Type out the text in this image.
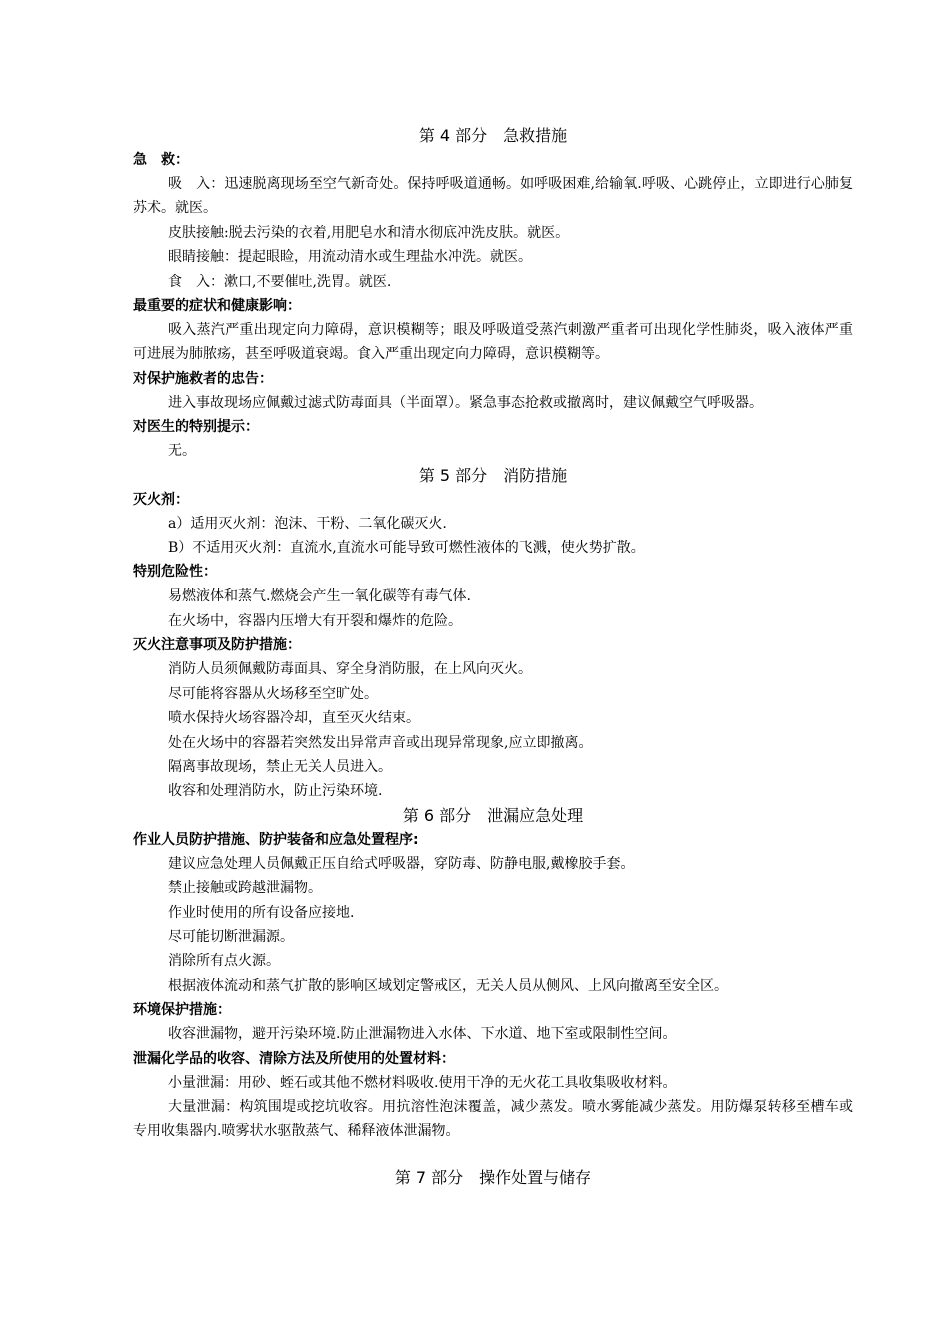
第 4 部分　急救措施
急　救：

吸　入：迅速脱离现场至空气新奇处。保持呼吸道通畅。如呼吸困难,给输氧.呼吸、心跳停止，立即进行心肺复苏术。就医。

皮肤接触:脱去污染的衣着,用肥皂水和清水彻底冲洗皮肤。就医。

眼睛接触：提起眼睑，用流动清水或生理盐水冲洗。就医。

食　入：漱口,不要催吐,洗胃。就医.

最重要的症状和健康影响：

吸入蒸汽严重出现定向力障碍，意识模糊等；眼及呼吸道受蒸汽刺激严重者可出现化学性肺炎，吸入液体严重可进展为肺脓疡，甚至呼吸道衰竭。食入严重出现定向力障碍，意识模糊等。

对保护施救者的忠告：

进入事故现场应佩戴过滤式防毒面具（半面罩）。紧急事态抢救或撤离时，建议佩戴空气呼吸器。

对医生的特别提示：

无。

第 5 部分　消防措施
灭火剂：

a）适用灭火剂：泡沫、干粉、二氧化碳灭火.

B）不适用灭火剂：直流水,直流水可能导致可燃性液体的飞溅，使火势扩散。

特别危险性：

易燃液体和蒸气.燃烧会产生一氧化碳等有毒气体.

在火场中，容器内压增大有开裂和爆炸的危险。

灭火注意事项及防护措施：

消防人员须佩戴防毒面具、穿全身消防服，在上风向灭火。

尽可能将容器从火场移至空旷处。

喷水保持火场容器冷却，直至灭火结束。

处在火场中的容器若突然发出异常声音或出现异常现象,应立即撤离。

隔离事故现场，禁止无关人员进入。

收容和处理消防水，防止污染环境.

第 6 部分　泄漏应急处理
作业人员防护措施、防护装备和应急处置程序:

建议应急处理人员佩戴正压自给式呼吸器，穿防毒、防静电服,戴橡胶手套。

禁止接触或跨越泄漏物。

作业时使用的所有设备应接地.

尽可能切断泄漏源。

消除所有点火源。

根据液体流动和蒸气扩散的影响区域划定警戒区，无关人员从侧风、上风向撤离至安全区。

环境保护措施：

收容泄漏物，避开污染环境.防止泄漏物进入水体、下水道、地下室或限制性空间。

泄漏化学品的收容、清除方法及所使用的处置材料：

小量泄漏：用砂、蛭石或其他不燃材料吸收.使用干净的无火花工具收集吸收材料。

大量泄漏：构筑围堤或挖坑收容。用抗溶性泡沫覆盖，减少蒸发。喷水雾能减少蒸发。用防爆泵转移至槽车或专用收集器内.喷雾状水驱散蒸气、稀释液体泄漏物。

第 7 部分　操作处置与储存
